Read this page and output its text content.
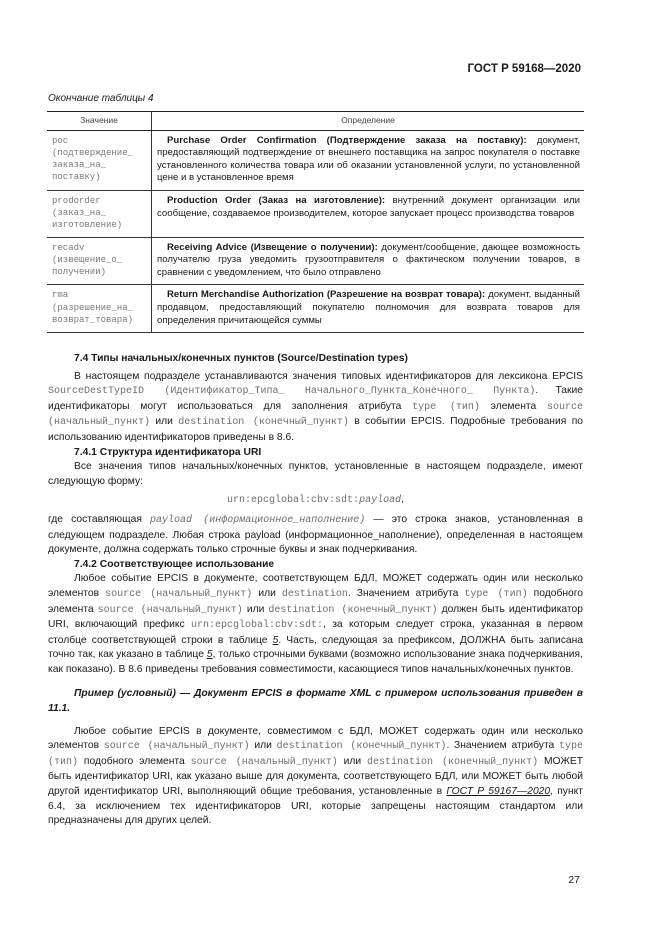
ГОСТ Р 59168—2020
Окончание таблицы 4
Значение	Определение
poc (подтверждение_ заказа_на_ поставку)	Purchase Order Confirmation (Подтверждение заказа на поставку): документ, предоставляющий подтверждение от внешнего поставщика на запрос покупателя о поставке установленного количества товара или об оказании установленной услуги, по установленной цене и в установленное время
prodorder (заказ_на_ изготовление)	Production Order (Заказ на изготовление): внутренний документ организации или сообщение, создаваемое производителем, которое запускает процесс производства товаров
recadv (извещение_о_ получении)	Receiving Advice (Извещение о получении): документ/сообщение, дающее возможность получателю груза уведомить грузоотправителя о фактическом получении товаров, в сравнении с уведомлением, что было отправлено
rma (разрешение_на_ возврат_товара)	Return Merchandise Authorization (Разрешение на возврат товара): документ, выданный продавцом, предоставляющий покупателю полномочия для возврата товаров для определения причитающейся суммы

7.4 Типы начальных/конечных пунктов (Source/Destination types)

В настоящем подразделе устанавливаются значения типовых идентификаторов для лексикона EPCIS SourceDestTypeID (Идентификатор_Типа_ Начального_Пункта_Конечного_ Пункта). Такие идентификаторы могут использоваться для заполнения атрибута type (тип) элемента source (начальный_пункт) или destination (конечный_пункт) в событии EPCIS. Подробные требования по использованию идентификаторов приведены в 8.6.

7.4.1 Структура идентификатора URI

Все значения типов начальных/конечных пунктов, установленные в настоящем подразделе, имеют следующую форму:

urn:epcglobal:cbv:sdt:payload,

где составляющая payload (информационное_наполнение) — это строка знаков, установленная в следующем подразделе. Любая строка payload (информационное_наполнение), определенная в настоящем документе, должна содержать только строчные буквы и знак подчеркивания.

7.4.2 Соответствующее использование

Любое событие EPCIS в документе, соответствующем БДЛ, МОЖЕТ содержать один или несколько элементов source (начальный_пункт) или destination. Значением атрибута type (тип) подобного элемента source (начальный_пункт) или destination (конечный_пункт) должен быть идентификатор URI, включающий префикс urn:epcglobal:cbv:sdt:, за которым следует строка, указанная в первом столбце соответствующей строки в таблице 5. Часть, следующая за префиксом, ДОЛЖНА быть записана точно так, как указано в таблице 5, только строчными буквами (возможно использование знака подчеркивания, как показано). В 8.6 приведены требования совместимости, касающиеся типов начальных/конечных пунктов.

Пример (условный) — Документ EPCIS в формате XML с примером использования приведен в 11.1.

Любое событие EPCIS в документе, совместимом с БДЛ, МОЖЕТ содержать один или несколько элементов source (начальный_пункт) или destination (конечный_пункт). Значением атрибута type (тип) подобного элемента source (начальный_пункт) или destination (конечный_пункт) МОЖЕТ быть идентификатор URI, как указано выше для документа, соответствующего БДЛ, или МОЖЕТ быть любой другой идентификатор URI, выполняющий общие требования, установленные в ГОСТ Р 59167—2020, пункт 6.4, за исключением тех идентификаторов URI, которые запрещены настоящим стандартом или предназначены для других целей.

27
